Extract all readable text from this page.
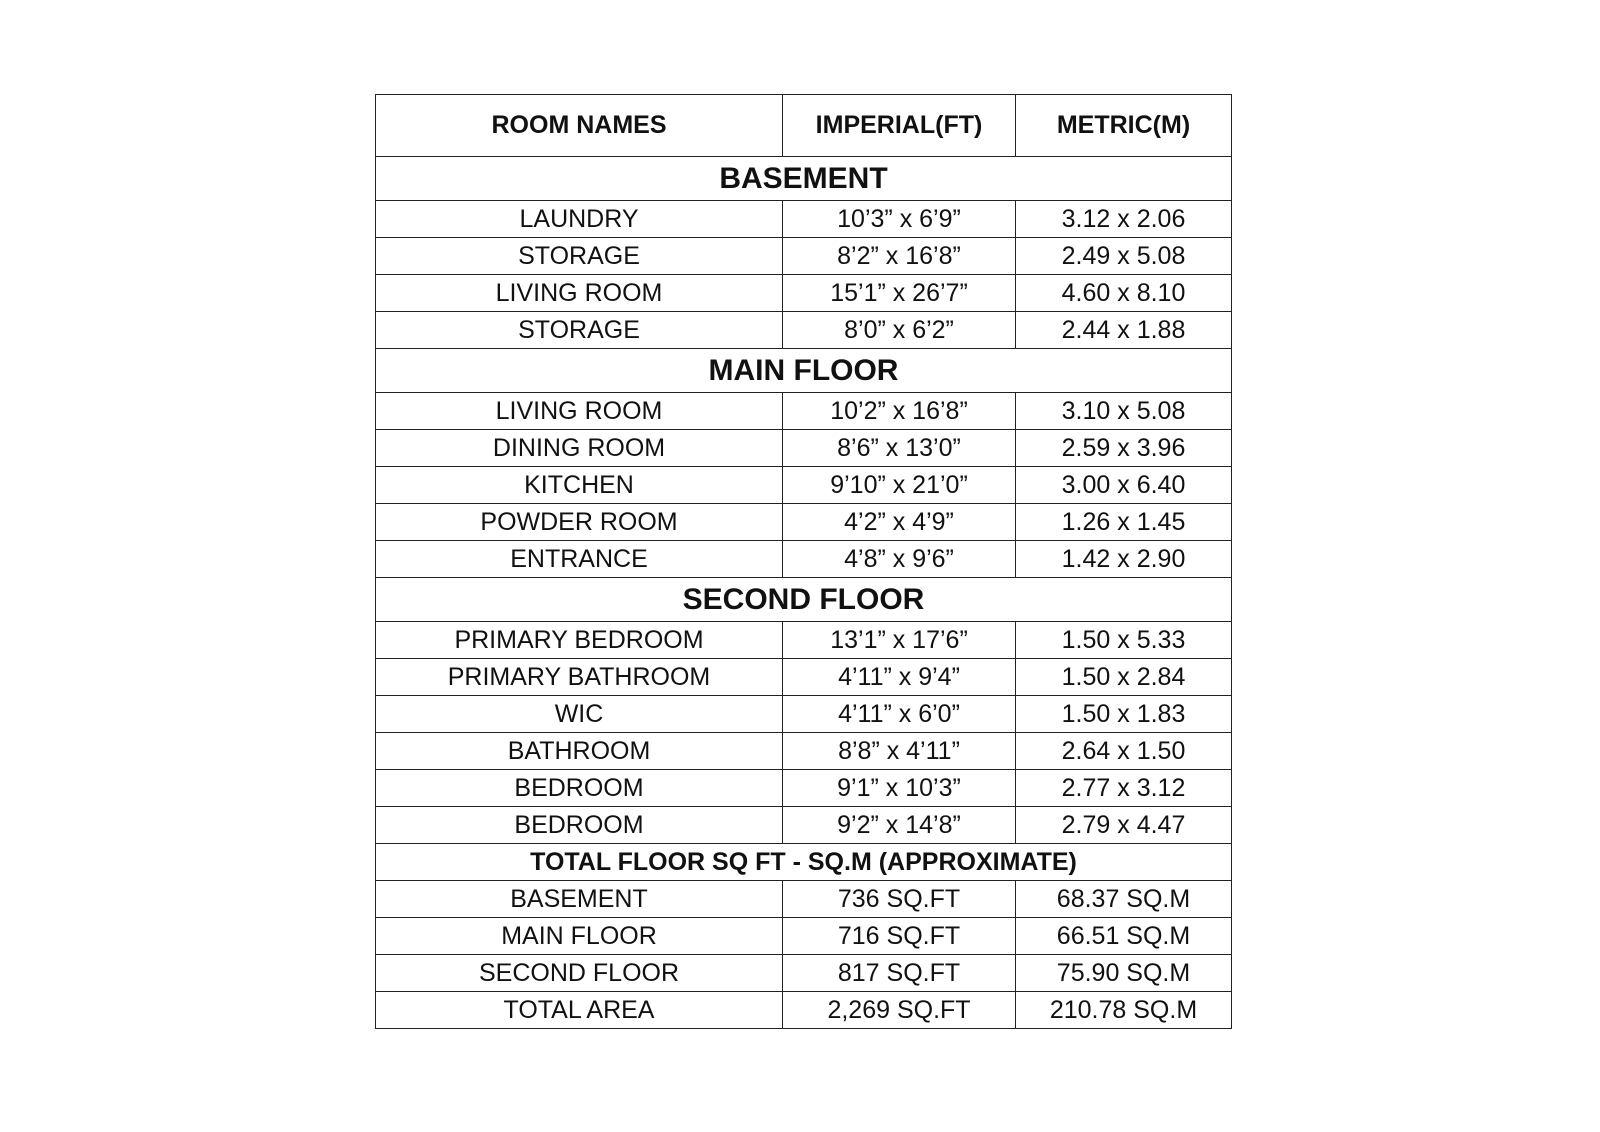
ROOM NAMES	IMPERIAL(FT)	METRIC(M)
BASEMENT		
LAUNDRY	10’3” x 6’9”	3.12 x 2.06
STORAGE	8’2” x 16’8”	2.49 x 5.08
LIVING ROOM	15’1” x 26’7”	4.60 x 8.10
STORAGE	8’0” x 6’2”	2.44 x 1.88
MAIN FLOOR		
LIVING ROOM	10’2” x 16’8”	3.10 x 5.08
DINING ROOM	8’6” x 13’0”	2.59 x 3.96
KITCHEN	9’10” x 21’0”	3.00 x 6.40
POWDER ROOM	4’2” x 4’9”	1.26 x 1.45
ENTRANCE	4’8” x 9’6”	1.42 x 2.90
SECOND FLOOR		
PRIMARY BEDROOM	13’1” x 17’6”	1.50 x 5.33
PRIMARY BATHROOM	4’11” x 9’4”	1.50 x 2.84
WIC	4’11” x 6’0”	1.50 x 1.83
BATHROOM	8’8” x 4’11”	2.64 x 1.50
BEDROOM	9’1” x 10’3”	2.77 x 3.12
BEDROOM	9’2” x 14’8”	2.79 x 4.47
TOTAL FLOOR SQ FT - SQ.M (APPROXIMATE)		
BASEMENT	736 SQ.FT	68.37 SQ.M
MAIN FLOOR	716 SQ.FT	66.51 SQ.M
SECOND FLOOR	817 SQ.FT	75.90 SQ.M
TOTAL AREA	2,269 SQ.FT	210.78 SQ.M
